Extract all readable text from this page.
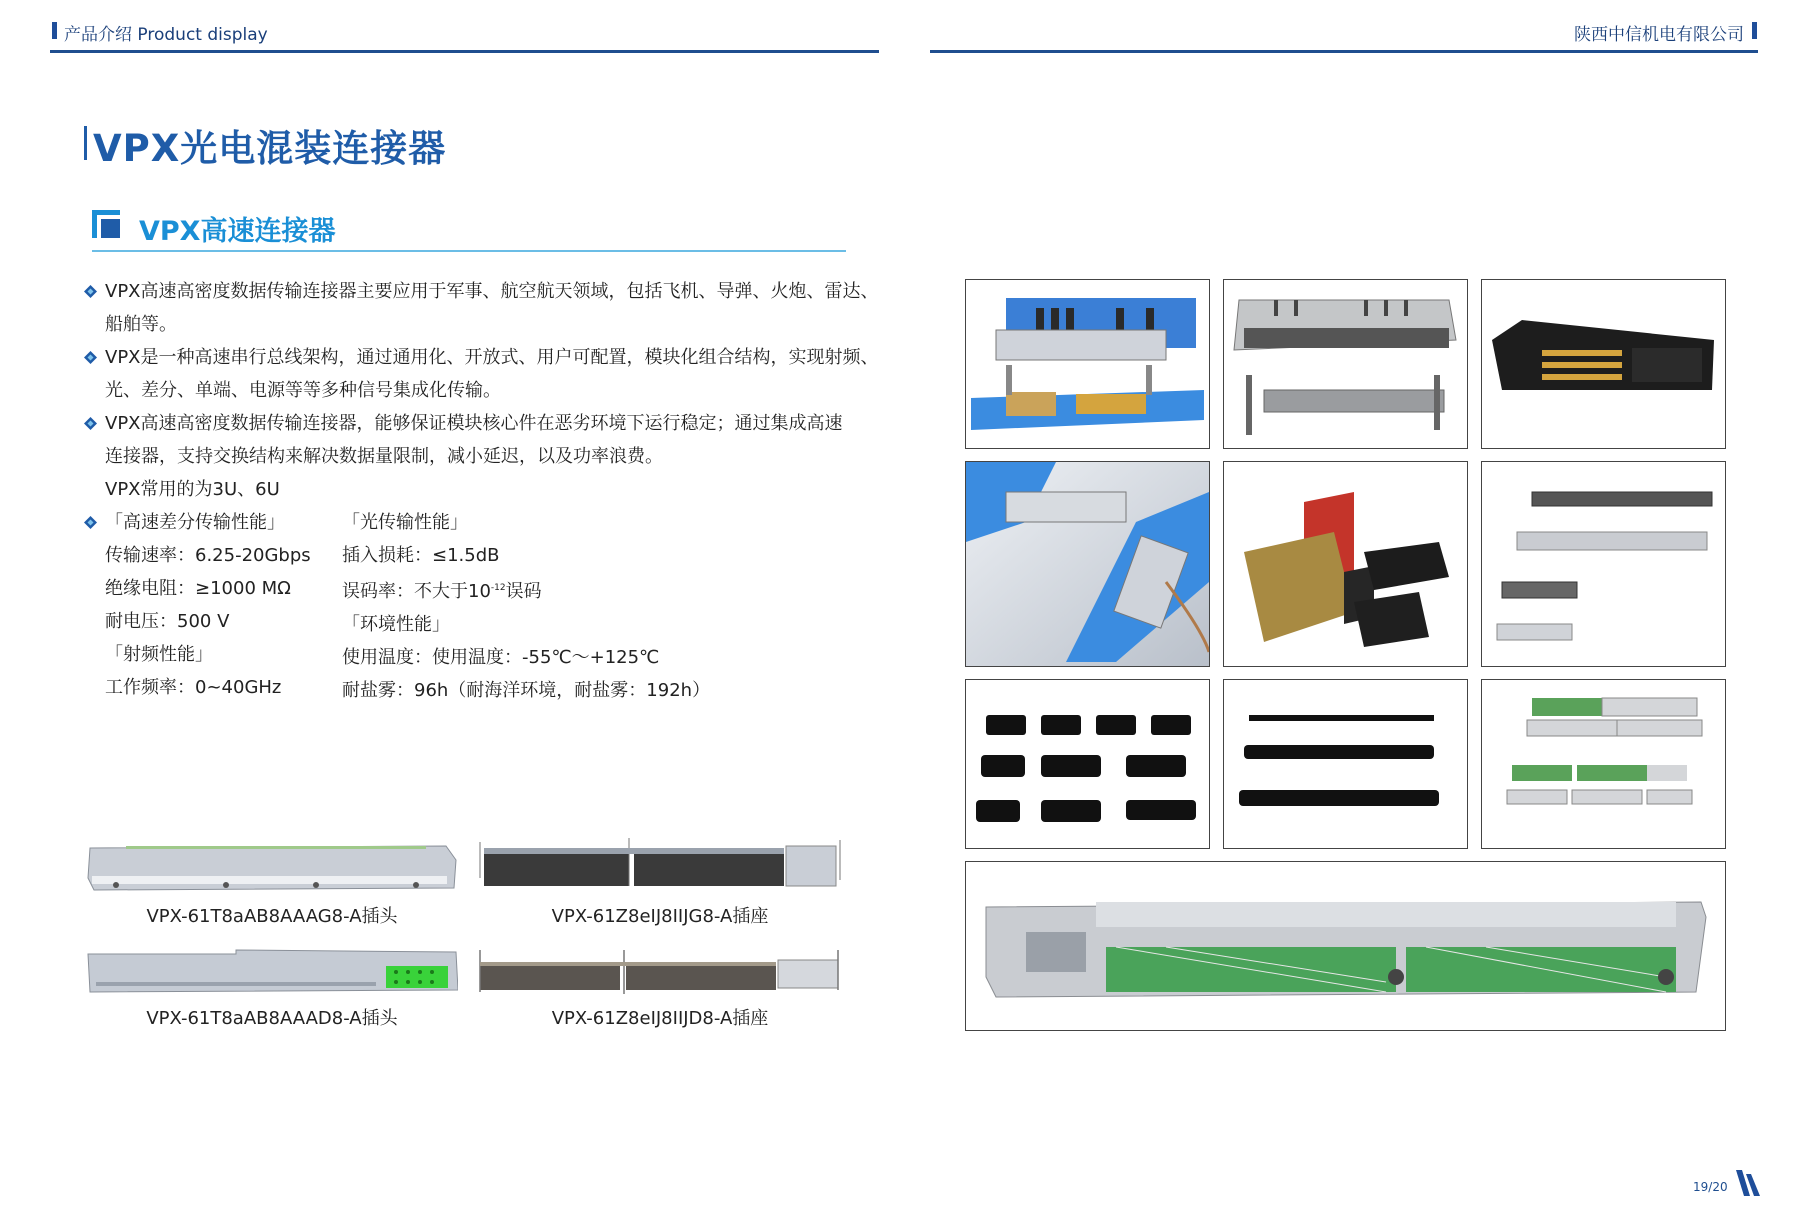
产品介绍 Product display	陕西中信机电有限公司
VPX光电混装连接器
VPX高速连接器
VPX高速高密度数据传输连接器主要应用于军事、航空航天领域，包括飞机、导弹、火炮、雷达、
船舶等。
VPX是一种高速串行总线架构，通过通用化、开放式、用户可配置，模块化组合结构，实现射频、
光、差分、单端、电源等等多种信号集成化传输。
VPX高速高密度数据传输连接器，能够保证模块核心件在恶劣环境下运行稳定；通过集成高速
连接器，支持交换结构来解决数据量限制，减小延迟，以及功率浪费。
VPX常用的为3U、6U
「高速差分传输性能」
传输速率：6.25-20Gbps
绝缘电阻：≥1000 MΩ
耐电压：500 V
「射频性能」
工作频率：0~40GHz
「光传输性能」
插入损耗：≤1.5dB
误码率：不大于$10^{-12}$误码
「环境性能」
使用温度：使用温度：-55℃～+125℃
耐盐雾：96h（耐海洋环境，耐盐雾：192h）
VPX-61T8aAB8AAAG8-A插头	VPX-61Z8eIJ8IIJG8-A插座
VPX-61T8aAB8AAAD8-A插头	VPX-61Z8eIJ8IIJD8-A插座
19/20
